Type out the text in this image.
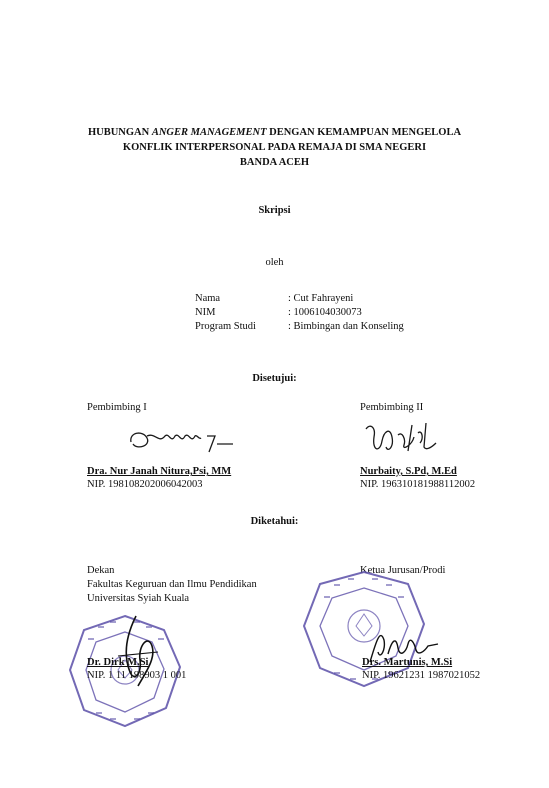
HUBUNGAN ANGER MANAGEMENT DENGAN KEMAMPUAN MENGELOLA
KONFLIK INTERPERSONAL PADA REMAJA DI SMA NEGERI
BANDA ACEH
Skripsi
oleh
Nama	: Cut Fahrayeni
NIM	: 1006104030073
Program Studi	: Bimbingan dan Konseling
Disetujui:
Pembimbing I	Pembimbing II
Dra. Nur Janah Nitura,Psi, MM
NIP. 198108202006042003
Nurbaity, S.Pd, M.Ed
NIP. 196310181988112002
Diketahui:
Dekan
Fakultas Keguruan dan Ilmu Pendidikan
Universitas Syiah Kuala
Ketua Jurusan/Prodi
Dr. Dirk M.Si
NIP. 1 11 198903 1 001
Drs. Martunis, M.Si
NIP. 19621231 1987021052
